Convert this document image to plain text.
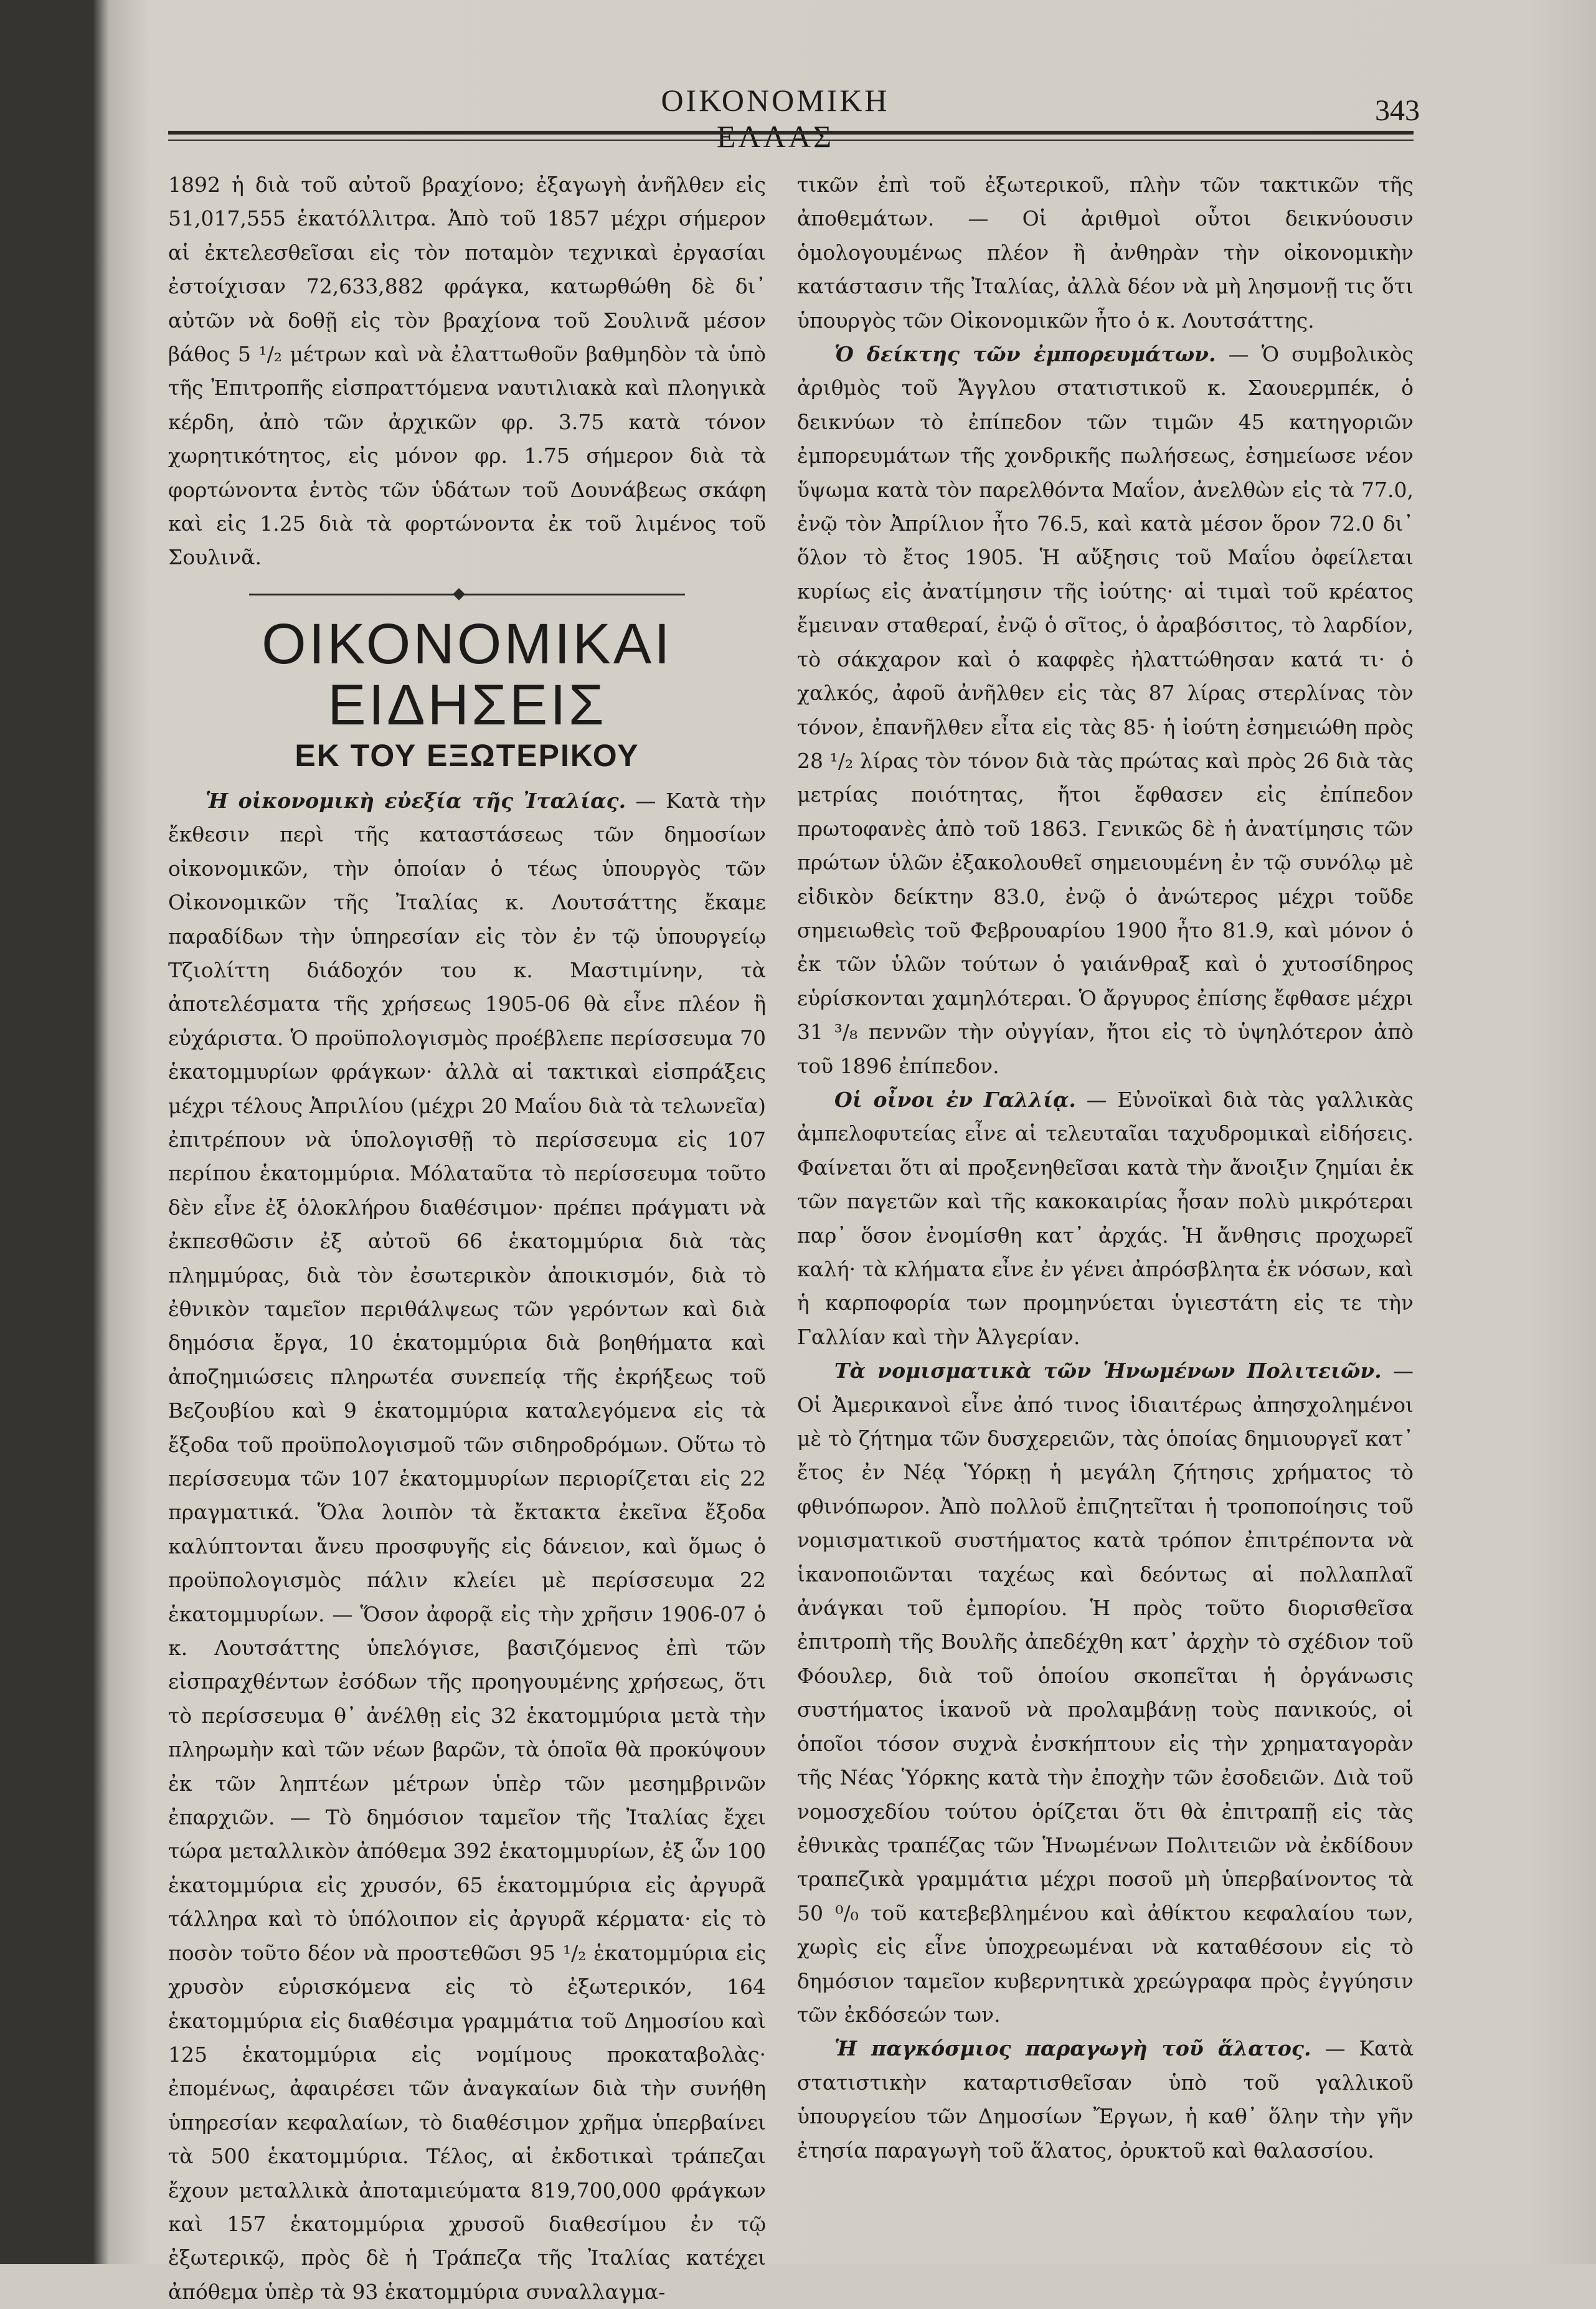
ΟΙΚΟΝΟΜΙΚΗ ΕΛΛΑΣ
343

1892 ἡ διὰ τοῦ αὐτοῦ βραχίονο; ἐξαγωγὴ ἀνῆλθεν εἰς 51,017,555 ἑκατόλλιτρα. Ἀπὸ τοῦ 1857 μέχρι σήμερον αἱ ἐκτελεσθεῖσαι εἰς τὸν ποταμὸν τεχνικαὶ ἐργασίαι ἐστοίχισαν 72,633,882 φράγκα, κατωρθώθη δὲ δι᾽ αὐτῶν νὰ δοθῇ εἰς τὸν βραχίονα τοῦ Σουλινᾶ μέσον βάθος 5 ¹/₂ μέτρων καὶ νὰ ἐλαττωθοῦν βαθμηδὸν τὰ ὑπὸ τῆς Ἐπιτροπῆς εἰσπραττόμενα ναυτιλιακὰ καὶ πλοηγικὰ κέρδη, ἀπὸ τῶν ἀρχικῶν φρ. 3.75 κατὰ τόνον χωρητικότητος, εἰς μόνον φρ. 1.75 σήμερον διὰ τὰ φορτώνοντα ἐντὸς τῶν ὑδάτων τοῦ Δουνάβεως σκάφη καὶ εἰς 1.25 διὰ τὰ φορτώνοντα ἐκ τοῦ λιμένος τοῦ Σουλινᾶ.

ΟΙΚΟΝΟΜΙΚΑΙ ΕΙΔΗΣΕΙΣ
ΕΚ ΤΟΥ ΕΞΩΤΕΡΙΚΟΥ

Ἡ οἰκονομικὴ εὐεξία τῆς Ἰταλίας. — Κατὰ τὴν ἔκθεσιν περὶ τῆς καταστάσεως τῶν δημοσίων οἰκονομικῶν, τὴν ὁποίαν ὁ τέως ὑπουργὸς τῶν Οἰκονομικῶν τῆς Ἰταλίας κ. Λουτσάττης ἔκαμε παραδίδων τὴν ὑπηρεσίαν εἰς τὸν ἐν τῷ ὑπουργείῳ Τζιολίττη διάδοχόν του κ. Μαστιμίνην, τὰ ἀποτελέσματα τῆς χρήσεως 1905-06 θὰ εἶνε πλέον ἢ εὐχάριστα. Ὁ προϋπολογισμὸς προέβλεπε περίσσευμα 70 ἑκατομμυρίων φράγκων· ἀλλὰ αἱ τακτικαὶ εἰσπράξεις μέχρι τέλους Ἀπριλίου (μέχρι 20 Μαΐου διὰ τὰ τελωνεῖα) ἐπιτρέπουν νὰ ὑπολογισθῇ τὸ περίσσευμα εἰς 107 περίπου ἑκατομμύρια. Μόλαταῦτα τὸ περίσσευμα τοῦτο δὲν εἶνε ἐξ ὁλοκλήρου διαθέσιμον· πρέπει πράγματι νὰ ἐκπεσθῶσιν ἐξ αὐτοῦ 66 ἑκατομμύρια διὰ τὰς πλημμύρας, διὰ τὸν ἐσωτερικὸν ἀποικισμόν, διὰ τὸ ἐθνικὸν ταμεῖον περιθάλψεως τῶν γερόντων καὶ διὰ δημόσια ἔργα, 10 ἑκατομμύρια διὰ βοηθήματα καὶ ἀποζημιώσεις πληρωτέα συνεπείᾳ τῆς ἐκρήξεως τοῦ Βεζουβίου καὶ 9 ἑκατομμύρια καταλεγόμενα εἰς τὰ ἔξοδα τοῦ προϋπολογισμοῦ τῶν σιδηροδρόμων. Οὕτω τὸ περίσσευμα τῶν 107 ἑκατομμυρίων περιορίζεται εἰς 22 πραγματικά. Ὅλα λοιπὸν τὰ ἔκτακτα ἐκεῖνα ἔξοδα καλύπτονται ἄνευ προσφυγῆς εἰς δάνειον, καὶ ὅμως ὁ προϋπολογισμὸς πάλιν κλείει μὲ περίσσευμα 22 ἑκατομμυρίων. — Ὅσον ἀφορᾷ εἰς τὴν χρῆσιν 1906-07 ὁ κ. Λουτσάττης ὑπελόγισε, βασιζόμενος ἐπὶ τῶν εἰσπραχθέντων ἐσόδων τῆς προηγουμένης χρήσεως, ὅτι τὸ περίσσευμα θ᾽ ἀνέλθῃ εἰς 32 ἑκατομμύρια μετὰ τὴν πληρωμὴν καὶ τῶν νέων βαρῶν, τὰ ὁποῖα θὰ προκύψουν ἐκ τῶν ληπτέων μέτρων ὑπὲρ τῶν μεσημβρινῶν ἐπαρχιῶν. — Τὸ δημόσιον ταμεῖον τῆς Ἰταλίας ἔχει τώρα μεταλλικὸν ἀπόθεμα 392 ἑκατομμυρίων, ἐξ ὧν 100 ἑκατομμύρια εἰς χρυσόν, 65 ἑκατομμύρια εἰς ἀργυρᾶ τάλληρα καὶ τὸ ὑπόλοιπον εἰς ἀργυρᾶ κέρματα· εἰς τὸ ποσὸν τοῦτο δέον νὰ προστεθῶσι 95 ¹/₂ ἑκατομμύρια εἰς χρυσὸν εὑρισκόμενα εἰς τὸ ἐξωτερικόν, 164 ἑκατομμύρια εἰς διαθέσιμα γραμμάτια τοῦ Δημοσίου καὶ 125 ἑκατομμύρια εἰς νομίμους προκαταβολὰς· ἐπομένως, ἀφαιρέσει τῶν ἀναγκαίων διὰ τὴν συνήθη ὑπηρεσίαν κεφαλαίων, τὸ διαθέσιμον χρῆμα ὑπερβαίνει τὰ 500 ἑκατομμύρια. Τέλος, αἱ ἐκδοτικαὶ τράπεζαι ἔχουν μεταλλικὰ ἀποταμιεύματα 819,700,000 φράγκων καὶ 157 ἑκατομμύρια χρυσοῦ διαθεσίμου ἐν τῷ ἐξωτερικῷ, πρὸς δὲ ἡ Τράπεζα τῆς Ἰταλίας κατέχει ἀπόθεμα ὑπὲρ τὰ 93 ἑκατομμύρια συναλλαγμα-

τικῶν ἐπὶ τοῦ ἐξωτερικοῦ, πλὴν τῶν τακτικῶν τῆς ἀποθεμάτων. — Οἱ ἀριθμοὶ οὗτοι δεικνύουσιν ὁμολογουμένως πλέον ἢ ἀνθηρὰν τὴν οἰκονομικὴν κατάστασιν τῆς Ἰταλίας, ἀλλὰ δέον νὰ μὴ λησμονῇ τις ὅτι ὑπουργὸς τῶν Οἰκονομικῶν ἦτο ὁ κ. Λουτσάττης.

Ὁ δείκτης τῶν ἐμπορευμάτων. — Ὁ συμβολικὸς ἀριθμὸς τοῦ Ἄγγλου στατιστικοῦ κ. Σαουερμπέκ, ὁ δεικνύων τὸ ἐπίπεδον τῶν τιμῶν 45 κατηγοριῶν ἐμπορευμάτων τῆς χονδρικῆς πωλήσεως, ἐσημείωσε νέον ὕψωμα κατὰ τὸν παρελθόντα Μαΐον, ἀνελθὼν εἰς τὰ 77.0, ἐνῷ τὸν Ἀπρίλιον ἦτο 76.5, καὶ κατὰ μέσον ὅρον 72.0 δι᾽ ὅλον τὸ ἔτος 1905. Ἡ αὔξησις τοῦ Μαΐου ὀφείλεται κυρίως εἰς ἀνατίμησιν τῆς ἰούτης· αἱ τιμαὶ τοῦ κρέατος ἔμειναν σταθεραί, ἐνῷ ὁ σῖτος, ὁ ἀραβόσιτος, τὸ λαρδίον, τὸ σάκχαρον καὶ ὁ καφφὲς ἠλαττώθησαν κατά τι· ὁ χαλκός, ἀφοῦ ἀνῆλθεν εἰς τὰς 87 λίρας στερλίνας τὸν τόνον, ἐπανῆλθεν εἶτα εἰς τὰς 85· ἡ ἰούτη ἐσημειώθη πρὸς 28 ¹/₂ λίρας τὸν τόνον διὰ τὰς πρώτας καὶ πρὸς 26 διὰ τὰς μετρίας ποιότητας, ἤτοι ἔφθασεν εἰς ἐπίπεδον πρωτοφανὲς ἀπὸ τοῦ 1863. Γενικῶς δὲ ἡ ἀνατίμησις τῶν πρώτων ὑλῶν ἐξακολουθεῖ σημειουμένη ἐν τῷ συνόλῳ μὲ εἰδικὸν δείκτην 83.0, ἐνῷ ὁ ἀνώτερος μέχρι τοῦδε σημειωθεὶς τοῦ Φεβρουαρίου 1900 ἦτο 81.9, καὶ μόνον ὁ ἐκ τῶν ὑλῶν τούτων ὁ γαιάνθραξ καὶ ὁ χυτοσίδηρος εὑρίσκονται χαμηλότεραι. Ὁ ἄργυρος ἐπίσης ἔφθασε μέχρι 31 ³/₈ πεννῶν τὴν οὐγγίαν, ἤτοι εἰς τὸ ὑψηλότερον ἀπὸ τοῦ 1896 ἐπίπεδον.

Οἱ οἶνοι ἐν Γαλλίᾳ. — Εὐνοϊκαὶ διὰ τὰς γαλλικὰς ἀμπελοφυτείας εἶνε αἱ τελευταῖαι ταχυδρομικαὶ εἰδήσεις. Φαίνεται ὅτι αἱ προξενηθεῖσαι κατὰ τὴν ἄνοιξιν ζημίαι ἐκ τῶν παγετῶν καὶ τῆς κακοκαιρίας ἦσαν πολὺ μικρότεραι παρ᾽ ὅσον ἐνομίσθη κατ᾽ ἀρχάς. Ἡ ἄνθησις προχωρεῖ καλή· τὰ κλήματα εἶνε ἐν γένει ἀπρόσβλητα ἐκ νόσων, καὶ ἡ καρποφορία των προμηνύεται ὑγιεστάτη εἰς τε τὴν Γαλλίαν καὶ τὴν Ἀλγερίαν.

Τὰ νομισματικὰ τῶν Ἡνωμένων Πολιτειῶν. — Οἱ Ἀμερικανοὶ εἶνε ἀπό τινος ἰδιαιτέρως ἀπησχολημένοι μὲ τὸ ζήτημα τῶν δυσχερειῶν, τὰς ὁποίας δημιουργεῖ κατ᾽ ἔτος ἐν Νέᾳ Ὑόρκῃ ἡ μεγάλη ζήτησις χρήματος τὸ φθινόπωρον. Ἀπὸ πολλοῦ ἐπιζητεῖται ἡ τροποποίησις τοῦ νομισματικοῦ συστήματος κατὰ τρόπον ἐπιτρέποντα νὰ ἱκανοποιῶνται ταχέως καὶ δεόντως αἱ πολλαπλαῖ ἀνάγκαι τοῦ ἐμπορίου. Ἡ πρὸς τοῦτο διορισθεῖσα ἐπιτροπὴ τῆς Βουλῆς ἀπεδέχθη κατ᾽ ἀρχὴν τὸ σχέδιον τοῦ Φόουλερ, διὰ τοῦ ὁποίου σκοπεῖται ἡ ὀργάνωσις συστήματος ἱκανοῦ νὰ προλαμβάνῃ τοὺς πανικούς, οἱ ὁποῖοι τόσον συχνὰ ἐνσκήπτουν εἰς τὴν χρηματαγορὰν τῆς Νέας Ὑόρκης κατὰ τὴν ἐποχὴν τῶν ἐσοδειῶν. Διὰ τοῦ νομοσχεδίου τούτου ὁρίζεται ὅτι θὰ ἐπιτραπῇ εἰς τὰς ἐθνικὰς τραπέζας τῶν Ἡνωμένων Πολιτειῶν νὰ ἐκδίδουν τραπεζικὰ γραμμάτια μέχρι ποσοῦ μὴ ὑπερβαίνοντος τὰ 50 ⁰/₀ τοῦ κατεβεβλημένου καὶ ἀθίκτου κεφαλαίου των, χωρὶς εἰς εἶνε ὑποχρεωμέναι νὰ καταθέσουν εἰς τὸ δημόσιον ταμεῖον κυβερνητικὰ χρεώγραφα πρὸς ἐγγύησιν τῶν ἐκδόσεών των.

Ἡ παγκόσμιος παραγωγὴ τοῦ ἅλατος. — Κατὰ στατιστικὴν καταρτισθεῖσαν ὑπὸ τοῦ γαλλικοῦ ὑπουργείου τῶν Δημοσίων Ἔργων, ἡ καθ᾽ ὅλην τὴν γῆν ἐτησία παραγωγὴ τοῦ ἅλατος, ὀρυκτοῦ καὶ θαλασσίου.
